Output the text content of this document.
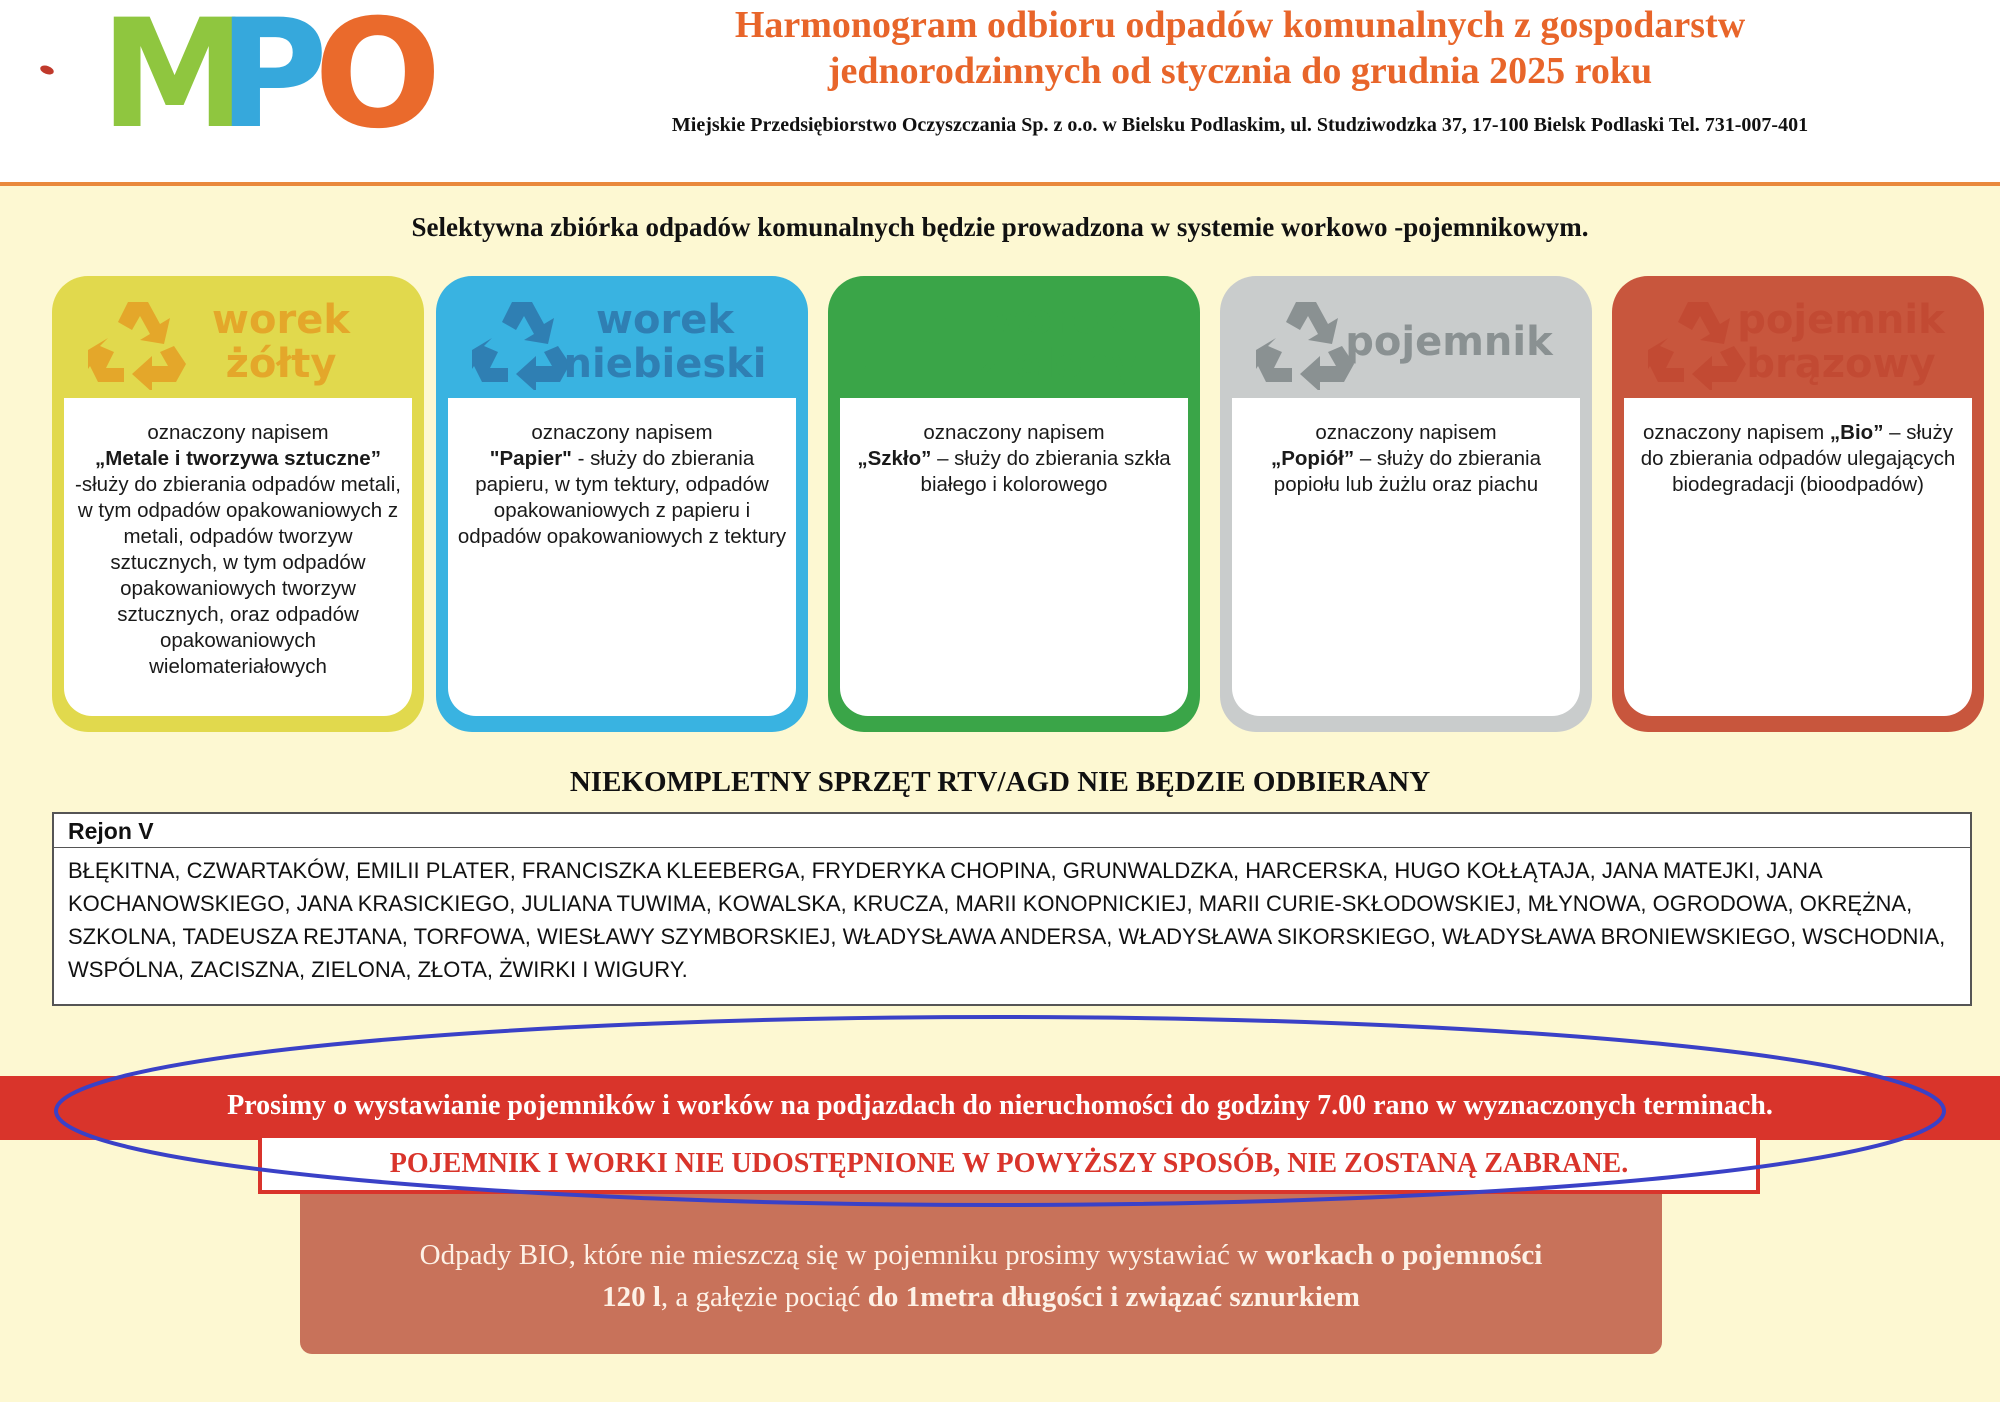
M
P
O	Harmonogram odbioru odpadów komunalnych z gospodarstw
jednorodzinnych od stycznia do grudnia 2025 roku
Miejskie Przedsiębiorstwo Oczyszczania Sp. z o.o. w Bielsku Podlaskim, ul. Studziwodzka 37, 17-100 Bielsk Podlaski Tel. 731-007-401
Selektywna zbiórka odpadów komunalnych będzie prowadzona w systemie workowo -pojemnikowym.
worek
żółty
oznaczony napisem
„Metale i tworzywa sztuczne”
-służy do zbierania odpadów metali, w tym odpadów opakowaniowych z metali, odpadów tworzyw sztucznych, w tym odpadów opakowaniowych tworzyw sztucznych, oraz odpadów opakowaniowych wielomateriałowych
worek
niebieski
oznaczony napisem
"Papier" - służy do zbierania papieru, w tym tektury, odpadów opakowaniowych z papieru i odpadów opakowaniowych z tektury
worek
zielony
oznaczony napisem
„Szkło” – służy do zbierania szkła białego i kolorowego
pojemnik
oznaczony napisem
„Popiół” – służy do zbierania popiołu lub żużlu oraz piachu
pojemnik
brązowy
oznaczony napisem „Bio” – służy do zbierania odpadów ulegających biodegradacji (bioodpadów)
NIEKOMPLETNY SPRZĘT RTV/AGD NIE BĘDZIE ODBIERANY
Rejon V
BŁĘKITNA, CZWARTAKÓW, EMILII PLATER, FRANCISZKA KLEEBERGA, FRYDERYKA CHOPINA, GRUNWALDZKA, HARCERSKA, HUGO KOŁŁĄTAJA, JANA MATEJKI, JANA KOCHANOWSKIEGO, JANA KRASICKIEGO, JULIANA TUWIMA, KOWALSKA, KRUCZA, MARII KONOPNICKIEJ, MARII CURIE-SKŁODOWSKIEJ, MŁYNOWA, OGRODOWA, OKRĘŻNA, SZKOLNA, TADEUSZA REJTANA, TORFOWA, WIESŁAWY SZYMBORSKIEJ, WŁADYSŁAWA ANDERSA, WŁADYSŁAWA SIKORSKIEGO, WŁADYSŁAWA BRONIEWSKIEGO, WSCHODNIA, WSPÓLNA, ZACISZNA, ZIELONA, ZŁOTA, ŻWIRKI I WIGURY.
Prosimy o wystawianie pojemników i worków na podjazdach do nieruchomości do godziny 7.00 rano w wyznaczonych terminach.
POJEMNIK I WORKI NIE UDOSTĘPNIONE W POWYŻSZY SPOSÓB, NIE ZOSTANĄ ZABRANE.
Odpady BIO, które nie mieszczą się w pojemniku prosimy wystawiać w workach o pojemności
120 l, a gałęzie pociąć do 1metra długości i związać sznurkiem
